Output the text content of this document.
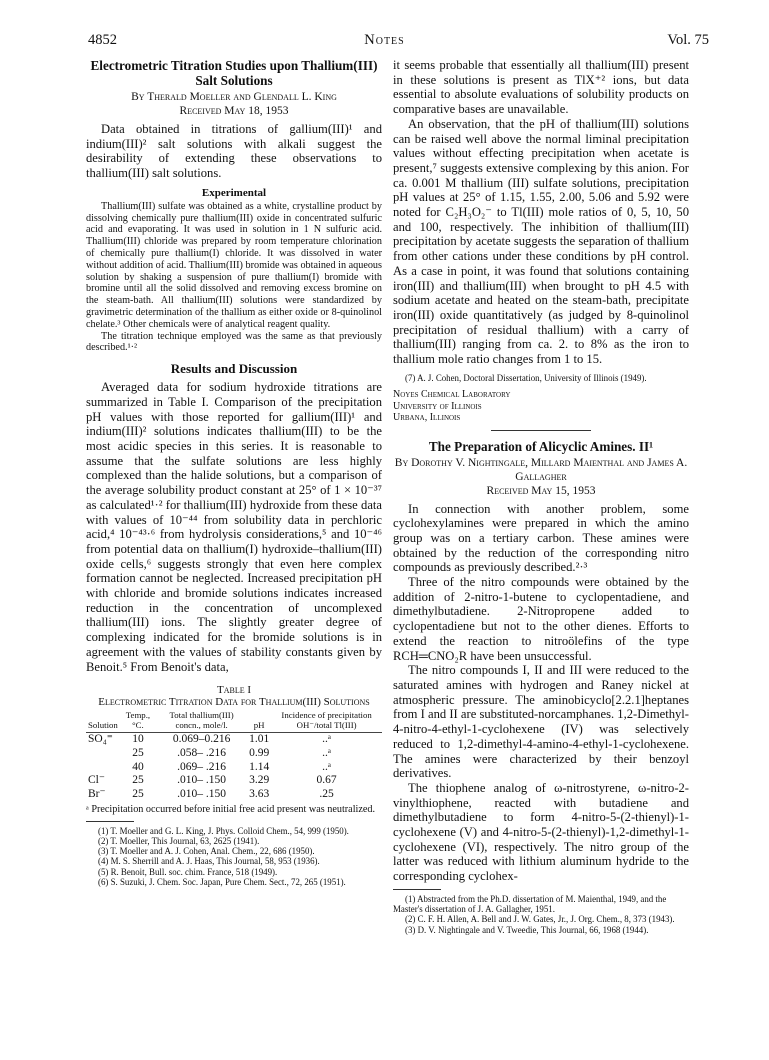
4852	Notes	Vol. 75

Electrometric Titration Studies upon Thallium(III) Salt Solutions

By Therald Moeller and Glendall L. King

Received May 18, 1953

Data obtained in titrations of gallium(III)¹ and indium(III)² salt solutions with alkali suggest the desirability of extending these observations to thallium(III) salt solutions.

Experimental

Thallium(III) sulfate was obtained as a white, crystalline product by dissolving chemically pure thallium(III) oxide in concentrated sulfuric acid and evaporating. It was used in solution in 1 N sulfuric acid. Thallium(III) chloride was prepared by room temperature chlorination of chemically pure thallium(I) chloride. It was dissolved in water without addition of acid. Thallium(III) bromide was obtained in aqueous solution by shaking a suspension of pure thallium(I) bromide with bromine until all the solid dissolved and removing excess bromine on the steam-bath. All thallium(III) solutions were standardized by gravimetric determination of the thallium as either oxide or 8-quinolinol chelate.³ Other chemicals were of analytical reagent quality.

The titration technique employed was the same as that previously described.¹·²

Results and Discussion

Averaged data for sodium hydroxide titrations are summarized in Table I. Comparison of the precipitation pH values with those reported for gallium(III)¹ and indium(III)² solutions indicates thallium(III) to be the most acidic species in this series. It is reasonable to assume that the sulfate solutions are less highly complexed than the halide solutions, but a comparison of the average solubility product constant at 25° of 1 × 10⁻³⁷ as calculated¹·² for thallium(III) hydroxide from these data with values of 10⁻⁴⁴ from solubility data in perchloric acid,⁴ 10⁻⁴³·⁶ from hydrolysis considerations,⁵ and 10⁻⁴⁶ from potential data on thallium(I) hydroxide–thallium(III) oxide cells,⁶ suggests strongly that even here complex formation cannot be neglected. Increased precipitation pH with chloride and bromide solutions indicates increased reduction in the concentration of uncomplexed thallium(III) ions. The slightly greater degree of complexing indicated for the bromide solutions is in agreement with the values of stability constants given by Benoit.⁵ From Benoit's data,

Table I

Electrometric Titration Data for Thallium(III) Solutions

Solution	Temp., °C.	Total thallium(III) concn., mole/l.	pH	Incidence of precipitation OH⁻/total Tl(III)
SO₄⁼	10	0.069–0.216	1.01	..ᵃ
	25	.058– .216	0.99	..ᵃ
	40	.069– .216	1.14	..ᵃ
Cl⁻	25	.010– .150	3.29	0.67
Br⁻	25	.010– .150	3.63	.25

ᵃ Precipitation occurred before initial free acid present was neutralized.

(1) T. Moeller and G. L. King, J. Phys. Colloid Chem., 54, 999 (1950).

(2) T. Moeller, This Journal, 63, 2625 (1941).

(3) T. Moeller and A. J. Cohen, Anal. Chem., 22, 686 (1950).

(4) M. S. Sherrill and A. J. Haas, This Journal, 58, 953 (1936).

(5) R. Benoit, Bull. soc. chim. France, 518 (1949).

(6) S. Suzuki, J. Chem. Soc. Japan, Pure Chem. Sect., 72, 265 (1951).

it seems probable that essentially all thallium(III) present in these solutions is present as TlX⁺² ions, but data essential to absolute evaluations of solubility products on comparative bases are unavailable.

An observation, that the pH of thallium(III) solutions can be raised well above the normal liminal precipitation values without effecting precipitation when acetate is present,⁷ suggests extensive complexing by this anion. For ca. 0.001 M thallium (III) sulfate solutions, precipitation pH values at 25° of 1.15, 1.55, 2.00, 5.06 and 5.92 were noted for C₂H₃O₂⁻ to Tl(III) mole ratios of 0, 5, 10, 50 and 100, respectively. The inhibition of thallium(III) precipitation by acetate suggests the separation of thallium from other cations under these conditions by pH control. As a case in point, it was found that solutions containing iron(III) and thallium(III) when brought to pH 4.5 with sodium acetate and heated on the steam-bath, precipitate iron(III) oxide quantitatively (as judged by 8-quinolinol precipitation of residual thallium) with a carry of thallium(III) ranging from ca. 2. to 8% as the iron to thallium mole ratio changes from 1 to 15.

(7) A. J. Cohen, Doctoral Dissertation, University of Illinois (1949).

Noyes Chemical Laboratory
University of Illinois
Urbana, Illinois

The Preparation of Alicyclic Amines. II¹

By Dorothy V. Nightingale, Millard Maienthal and James A. Gallagher

Received May 15, 1953

In connection with another problem, some cyclohexylamines were prepared in which the amino group was on a tertiary carbon. These amines were obtained by the reduction of the corresponding nitro compounds as previously described.²·³

Three of the nitro compounds were obtained by the addition of 2-nitro-1-butene to cyclopentadiene, and dimethylbutadiene. 2-Nitropropene added to cyclopentadiene but not to the other dienes. Efforts to extend the reaction to nitroölefins of the type RCH═CNO₂R have been unsuccessful.

The nitro compounds I, II and III were reduced to the saturated amines with hydrogen and Raney nickel at atmospheric pressure. The aminobicyclo[2.2.1]heptanes from I and II are substituted-norcamphanes. 1,2-Dimethyl-4-nitro-4-ethyl-1-cyclohexene (IV) was selectively reduced to 1,2-dimethyl-4-amino-4-ethyl-1-cyclohexene. The amines were characterized by their benzoyl derivatives.

The thiophene analog of ω-nitrostyrene, ω-nitro-2-vinylthiophene, reacted with butadiene and dimethylbutadiene to form 4-nitro-5-(2-thienyl)-1-cyclohexene (V) and 4-nitro-5-(2-thienyl)-1,2-dimethyl-1-cyclohexene (VI), respectively. The nitro group of the latter was reduced with lithium aluminum hydride to the corresponding cyclohex-

(1) Abstracted from the Ph.D. dissertation of M. Maienthal, 1949, and the Master's dissertation of J. A. Gallagher, 1951.

(2) C. F. H. Allen, A. Bell and J. W. Gates, Jr., J. Org. Chem., 8, 373 (1943).

(3) D. V. Nightingale and V. Tweedie, This Journal, 66, 1968 (1944).
